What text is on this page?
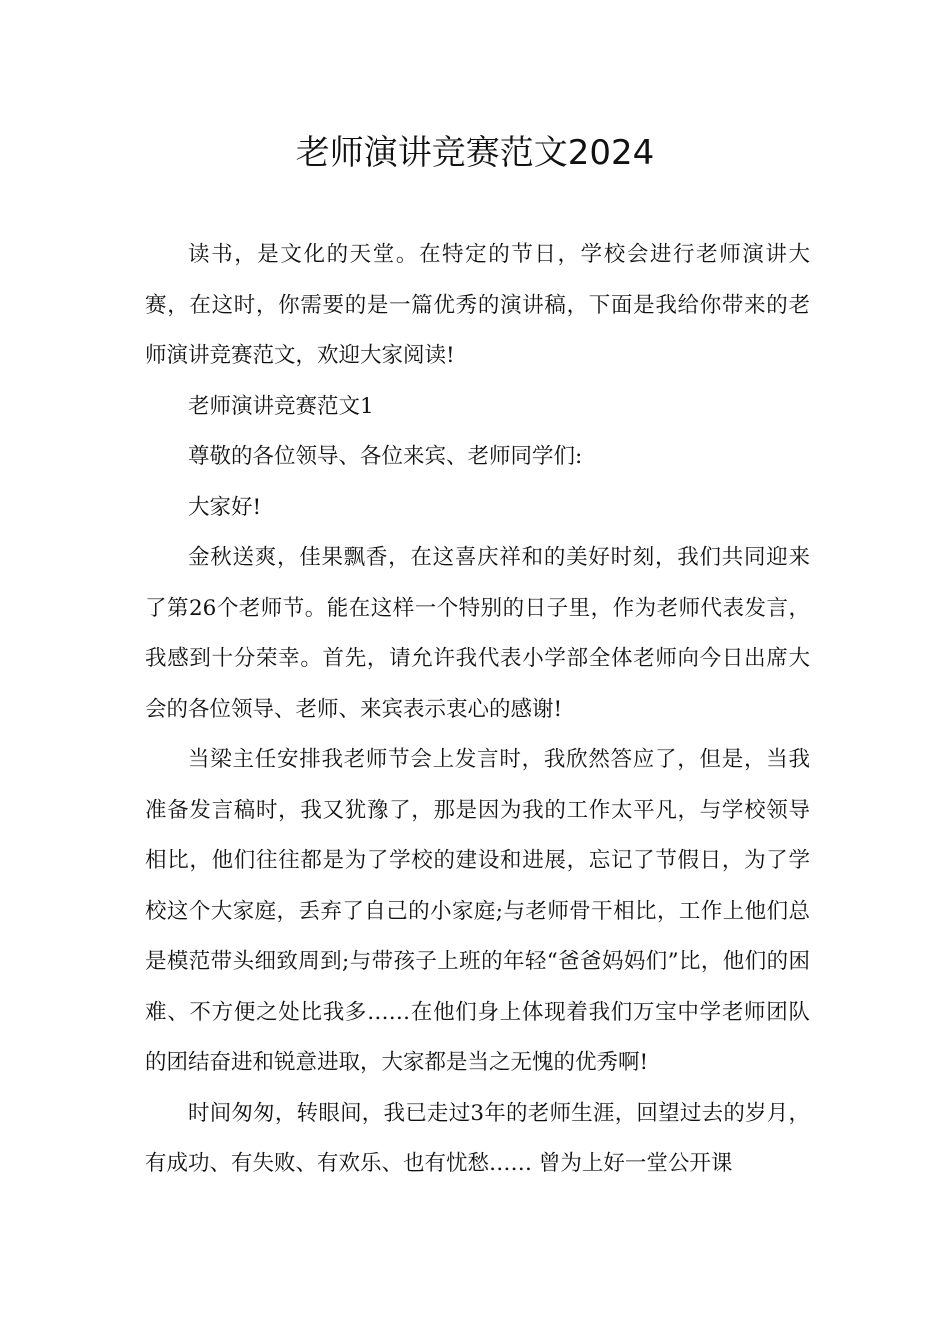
老师演讲竞赛范文2024

读书，是文化的天堂。在特定的节日，学校会进行老师演讲大赛，在这时，你需要的是一篇优秀的演讲稿，下面是我给你带来的老师演讲竞赛范文，欢迎大家阅读!

老师演讲竞赛范文1

尊敬的各位领导、各位来宾、老师同学们:

大家好!

金秋送爽，佳果飘香，在这喜庆祥和的美好时刻，我们共同迎来了第26个老师节。能在这样一个特别的日子里，作为老师代表发言，我感到十分荣幸。首先，请允许我代表小学部全体老师向今日出席大会的各位领导、老师、来宾表示衷心的感谢!

当梁主任安排我老师节会上发言时，我欣然答应了，但是，当我准备发言稿时，我又犹豫了，那是因为我的工作太平凡，与学校领导相比，他们往往都是为了学校的建设和进展，忘记了节假日，为了学校这个大家庭，丢弃了自己的小家庭;与老师骨干相比，工作上他们总是模范带头细致周到;与带孩子上班的年轻“爸爸妈妈们”比，他们的困难、不方便之处比我多……在他们身上体现着我们万宝中学老师团队的团结奋进和锐意进取，大家都是当之无愧的优秀啊!

时间匆匆，转眼间，我已走过3年的老师生涯，回望过去的岁月，有成功、有失败、有欢乐、也有忧愁…… 曾为上好一堂公开课
